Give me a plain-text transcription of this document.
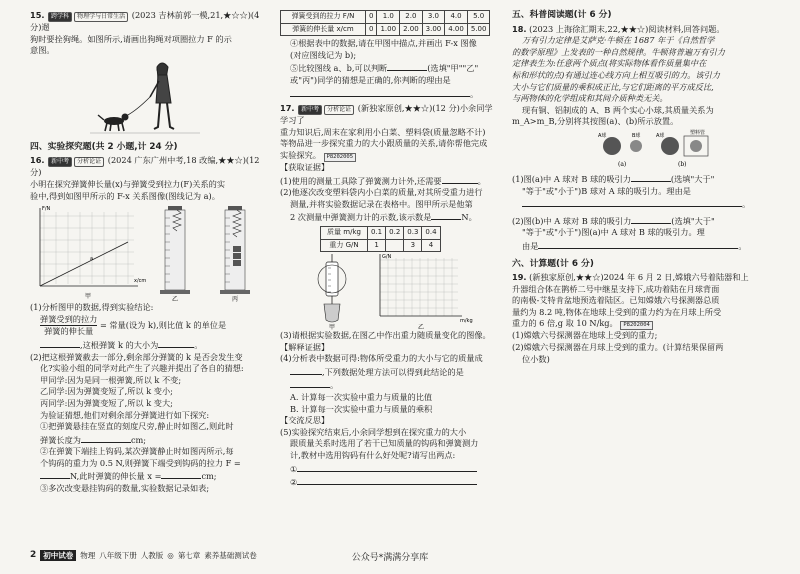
15. 跨学科 物理学与日常生活 (2023 吉林前郭一模,21,★☆☆)(4 分)遛
狗时要拴狗绳。如图所示,请画出狗绳对项圈拉力 F 的示
意图。

四、实验探究题(共 2 小题,计 24 分)

16. 新中考 分析论证 (2024 广东广州中考,18 改编,★★☆)(12 分)
小明在探究弹簧伸长量(x)与弹簧受到拉力(F)关系的实
验中,得到如图甲所示的 F-x 关系图像(图线记为 a)。

F/N
x/cm
a
甲	乙	丙

(1)分析图甲的数据,得到实验结论:

弹簧受到的拉力
弹簧的伸长量
= 常量(设为 k),则比值 k 的单位是

,这根弹簧 k 的大小为	。

(2)把这根弹簧截去一部分,剩余部分弹簧的 k 是否会发生变
化?实验小组的同学对此产生了兴趣并提出了各自的猜想:
甲同学:因为是同一根弹簧,所以 k 不变;
乙同学:因为弹簧变短了,所以 k 变小;
丙同学:因为弹簧变短了,所以 k 变大;
为验证猜想,他们对剩余部分弹簧进行如下探究:
①把弹簧悬挂在竖直的刻度尺旁,静止时如图乙,则此时
弹簧长度为	cm;
②在弹簧下端挂上钩码,某次弹簧静止时如图丙所示,每
个钩码的重力为 0.5 N,则弹簧下端受到钩码的拉力 F =
N,此时弹簧的伸长量 x =	cm;
③多次改变悬挂钩码的数量,实验数据记录如表;

弹簧受到的拉力 F/N	0	1.0	2.0	3.0	4.0	5.0
弹簧的伸长量 x/cm	0	1.00	2.00	3.00	4.00	5.00

④根据表中的数据,请在甲图中描点,并画出 F-x 图像
(对应图线记为 b);
⑤比较图线 a、b,可以判断	(选填"甲""乙"
或"丙")同学的猜想是正确的,你判断的理由是
。

17. 新中考 分析论证 (新独家原创,★★☆)(12 分)小余同学学习了
重力知识后,周末在家利用小白菜、塑料袋(质量忽略不计)
等物品进一步探究重力的大小跟质量的关系,请你帮他完成
实验探究。 P8202005
【获取证据】
(1)使用的测量工具除了弹簧测力计外,还需要	。
(2)他逐次改变塑料袋内小白菜的质量,对其所受重力进行
测量,并将实验数据记录在表格中。图甲所示是他第
2 次测量中弹簧测力计的示数,该示数是	N。

质量 m/kg	0.1	0.2	0.3	0.4
重力 G/N	1		3	4
甲
G/N
m/kg
乙

(3)请根据实验数据,在图乙中作出重力随质量变化的图像。
【解释证据】
(4)分析表中数据可得:物体所受重力的大小与它的质量成
,下列数据处理方法可以得到此结论的是
。
A. 计算每一次实验中重力与质量的比值
B. 计算每一次实验中重力与质量的乘积
【交流反思】
(5)实验探究结束后,小余同学想到在探究重力的大小
跟质量关系时选用了若干已知质量的钩码和弹簧测力
计,教材中选用钩码有什么好处呢?请写出两点:
①
②

五、科普阅读题(计 6 分)

18. (2023 上海徐汇期末,22,★★☆)阅读材料,回答问题。

万有引力定律是艾萨克·牛顿在 1687 年于《自然哲学
的数学原理》上发表的一种自然规律。牛顿将普遍万有引力
定律表生为:任意两个质点(将实际物体看作质量集中在
标和形状的点)有通过连心线方向上相互吸引的力。该引力
大小与它们质量的乘积成正比,与它们距离的平方成反比,
与两物体的化学组成和其间介质种类无关。

现有铜、铝制成的 A、B 两个实心小球,其质量关系为
m_A>m_B,分别将其按图(a)、(b)所示放置。

A球	B球
(a)
A球	塑料管
(b)

(1)图(a)中 A 球对 B 球的吸引力	(选填"大于"
"等于"或"小于")B 球对 A 球的吸引力。理由是
。
(2)图(b)中 A 球对 B 球的吸引力	(选填"大于"
"等于"或"小于")图(a)中 A 球对 B 球的吸引力。理
由是	。

六、计算题(计 6 分)

19. (新独家原创,★★☆)2024 年 6 月 2 日,嫦娥六号着陆器和上
升器组合体在鹊桥二号中继星支持下,成功着陆在月球背面
的南极-艾特肯盆地预选着陆区。已知嫦娥六号探测器总质
量约为 8.2 吨,物体在地球上受到的重力约为在月球上所受
重力的 6 倍,g 取 10 N/kg。 P8202004
(1)嫦娥六号探测器在地球上受到的重力;
(2)嫦娥六号探测器在月球上受到的重力。(计算结果保留两
位小数)

2 初中试卷 物理 八年级下册 人教版 ◎ 第七章 素养基础测试卷	公众号*满满分享库
